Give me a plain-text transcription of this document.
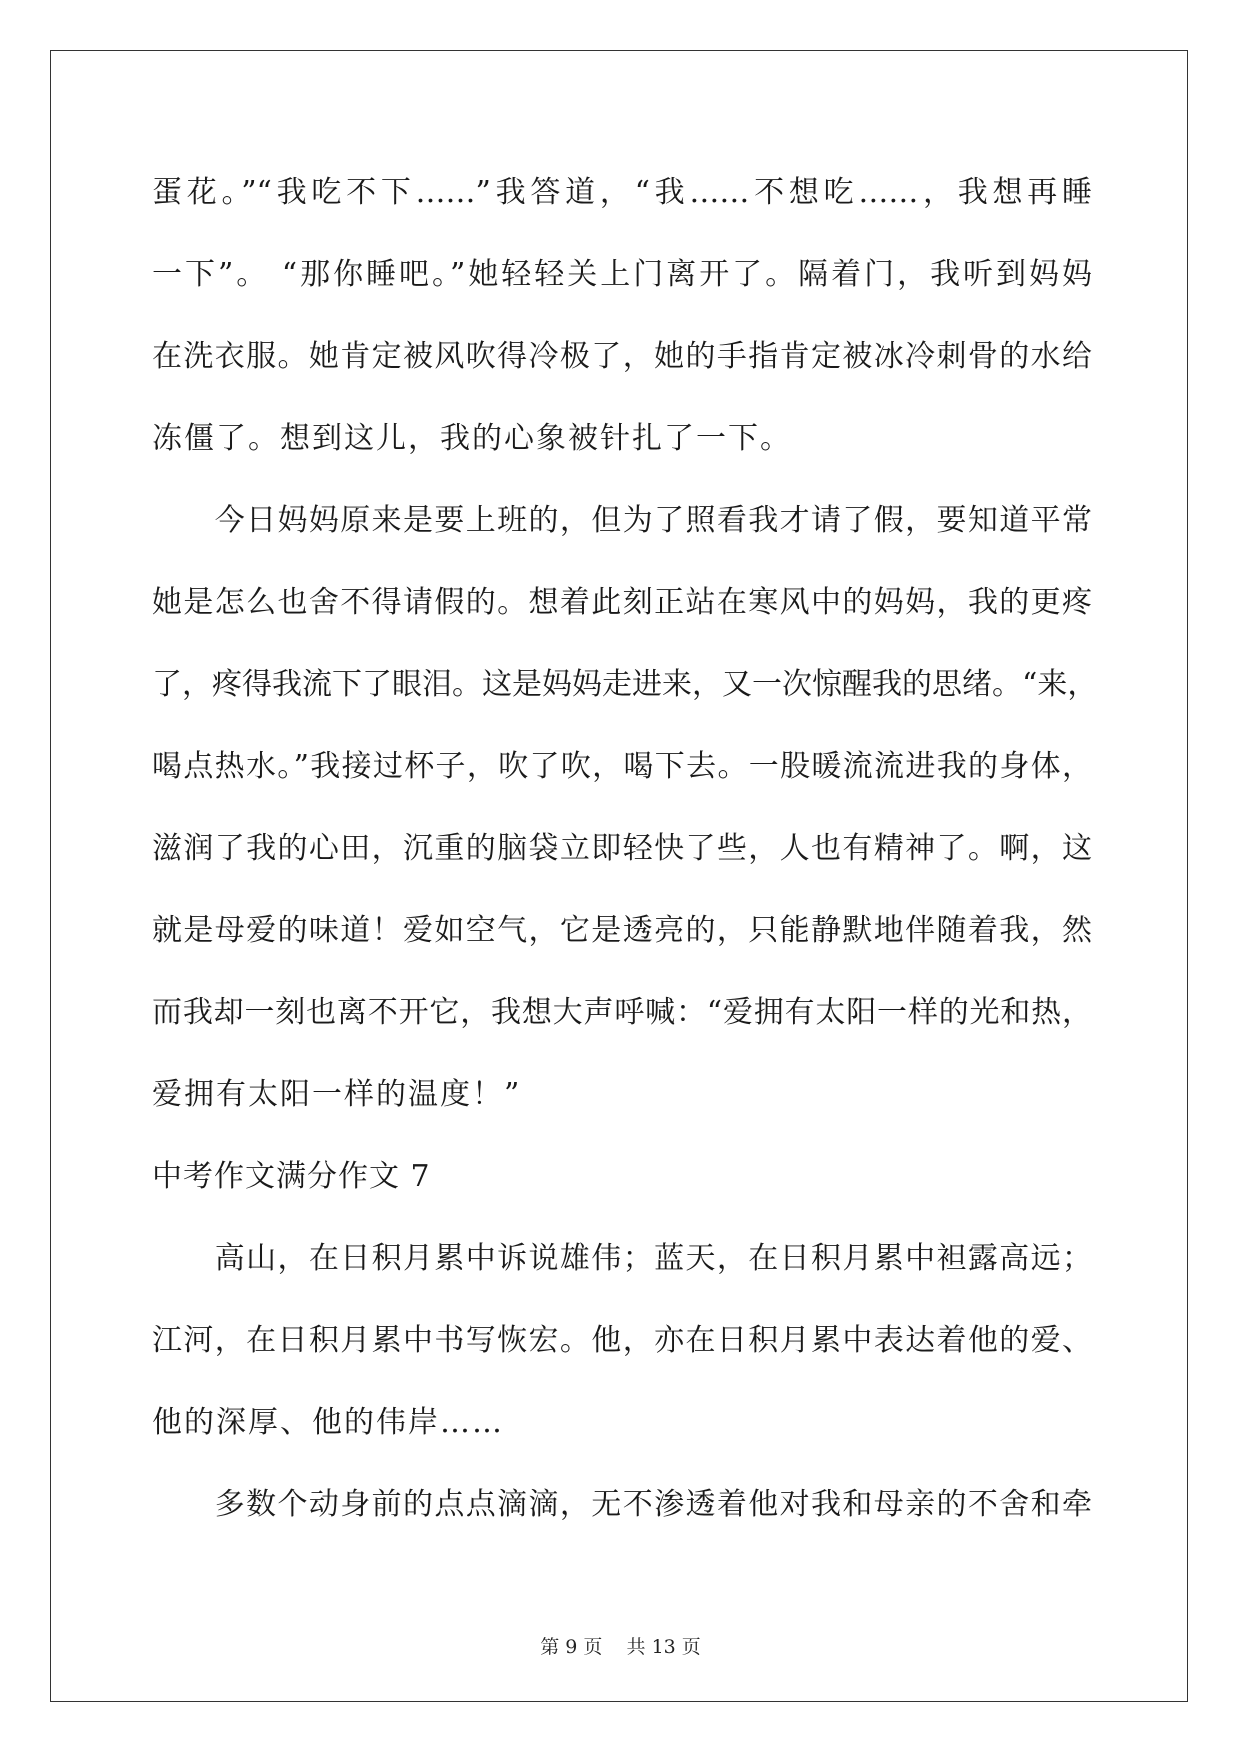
蛋花。”“我吃不下……”我答道，“我……不想吃……，我想再睡
一下”。 “那你睡吧。”她轻轻关上门离开了。隔着门，我听到妈妈
在洗衣服。她肯定被风吹得冷极了，她的手指肯定被冰冷刺骨的水给
冻僵了。想到这儿，我的心象被针扎了一下。
　　今日妈妈原来是要上班的，但为了照看我才请了假，要知道平常
她是怎么也舍不得请假的。想着此刻正站在寒风中的妈妈，我的更疼
了，疼得我流下了眼泪。这是妈妈走进来，又一次惊醒我的思绪。“来，
喝点热水。”我接过杯子，吹了吹，喝下去。一股暖流流进我的身体，
滋润了我的心田，沉重的脑袋立即轻快了些，人也有精神了。啊，这
就是母爱的味道！爱如空气，它是透亮的，只能静默地伴随着我，然
而我却一刻也离不开它，我想大声呼喊：“爱拥有太阳一样的光和热，
爱拥有太阳一样的温度！”
中考作文满分作文 7
　　高山，在日积月累中诉说雄伟；蓝天，在日积月累中袒露高远；
江河，在日积月累中书写恢宏。他，亦在日积月累中表达着他的爱、
他的深厚、他的伟岸……
　　多数个动身前的点点滴滴，无不渗透着他对我和母亲的不舍和牵
第 9 页    共 13 页
